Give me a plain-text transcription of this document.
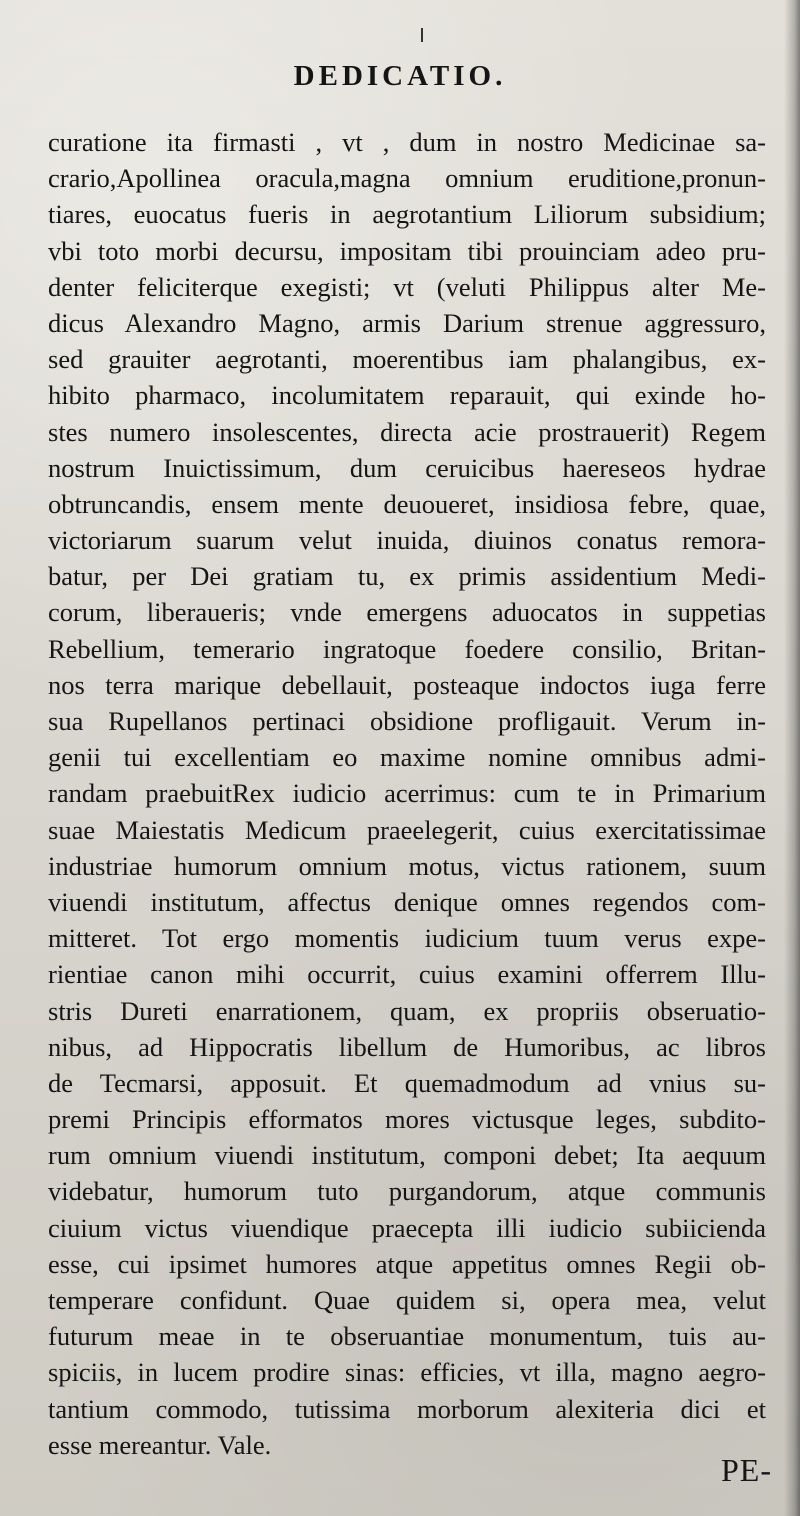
DEDICATIO.
curatione ita firmasti , vt , dum in nostro Medicinae sa-
crario,Apollinea oracula,magna omnium eruditione,pronun-
tiares, euocatus fueris in aegrotantium Liliorum subsidium;
vbi toto morbi decursu, impositam tibi prouinciam adeo pru-
denter feliciterque exegisti; vt (veluti Philippus alter Me-
dicus Alexandro Magno, armis Darium strenue aggressuro,
sed grauiter aegrotanti, moerentibus iam phalangibus, ex-
hibito pharmaco, incolumitatem reparauit, qui exinde ho-
stes numero insolescentes, directa acie prostrauerit) Regem
nostrum Inuictissimum, dum ceruicibus haereseos hydrae
obtruncandis, ensem mente deuoueret, insidiosa febre, quae,
victoriarum suarum velut inuida, diuinos conatus remora-
batur, per Dei gratiam tu, ex primis assidentium Medi-
corum, liberaueris; vnde emergens aduocatos in suppetias
Rebellium, temerario ingratoque foedere consilio, Britan-
nos terra marique debellauit, posteaque indoctos iuga ferre
sua Rupellanos pertinaci obsidione profligauit. Verum in-
genii tui excellentiam eo maxime nomine omnibus admi-
randam praebuitRex iudicio acerrimus: cum te in Primarium
suae Maiestatis Medicum praeelegerit, cuius exercitatissimae
industriae humorum omnium motus, victus rationem, suum
viuendi institutum, affectus denique omnes regendos com-
mitteret. Tot ergo momentis iudicium tuum verus expe-
rientiae canon mihi occurrit, cuius examini offerrem Illu-
stris Dureti enarrationem, quam, ex propriis obseruatio-
nibus, ad Hippocratis libellum de Humoribus, ac libros
de Tecmarsi, apposuit. Et quemadmodum ad vnius su-
premi Principis efformatos mores victusque leges, subdito-
rum omnium viuendi institutum, componi debet; Ita aequum
videbatur, humorum tuto purgandorum, atque communis
ciuium victus viuendique praecepta illi iudicio subiicienda
esse, cui ipsimet humores atque appetitus omnes Regii ob-
temperare confidunt. Quae quidem si, opera mea, velut
futurum meae in te obseruantiae monumentum, tuis au-
spiciis, in lucem prodire sinas: efficies, vt illa, magno aegro-
tantium commodo, tutissima morborum alexiteria dici et
esse mereantur. Vale.
PE-
